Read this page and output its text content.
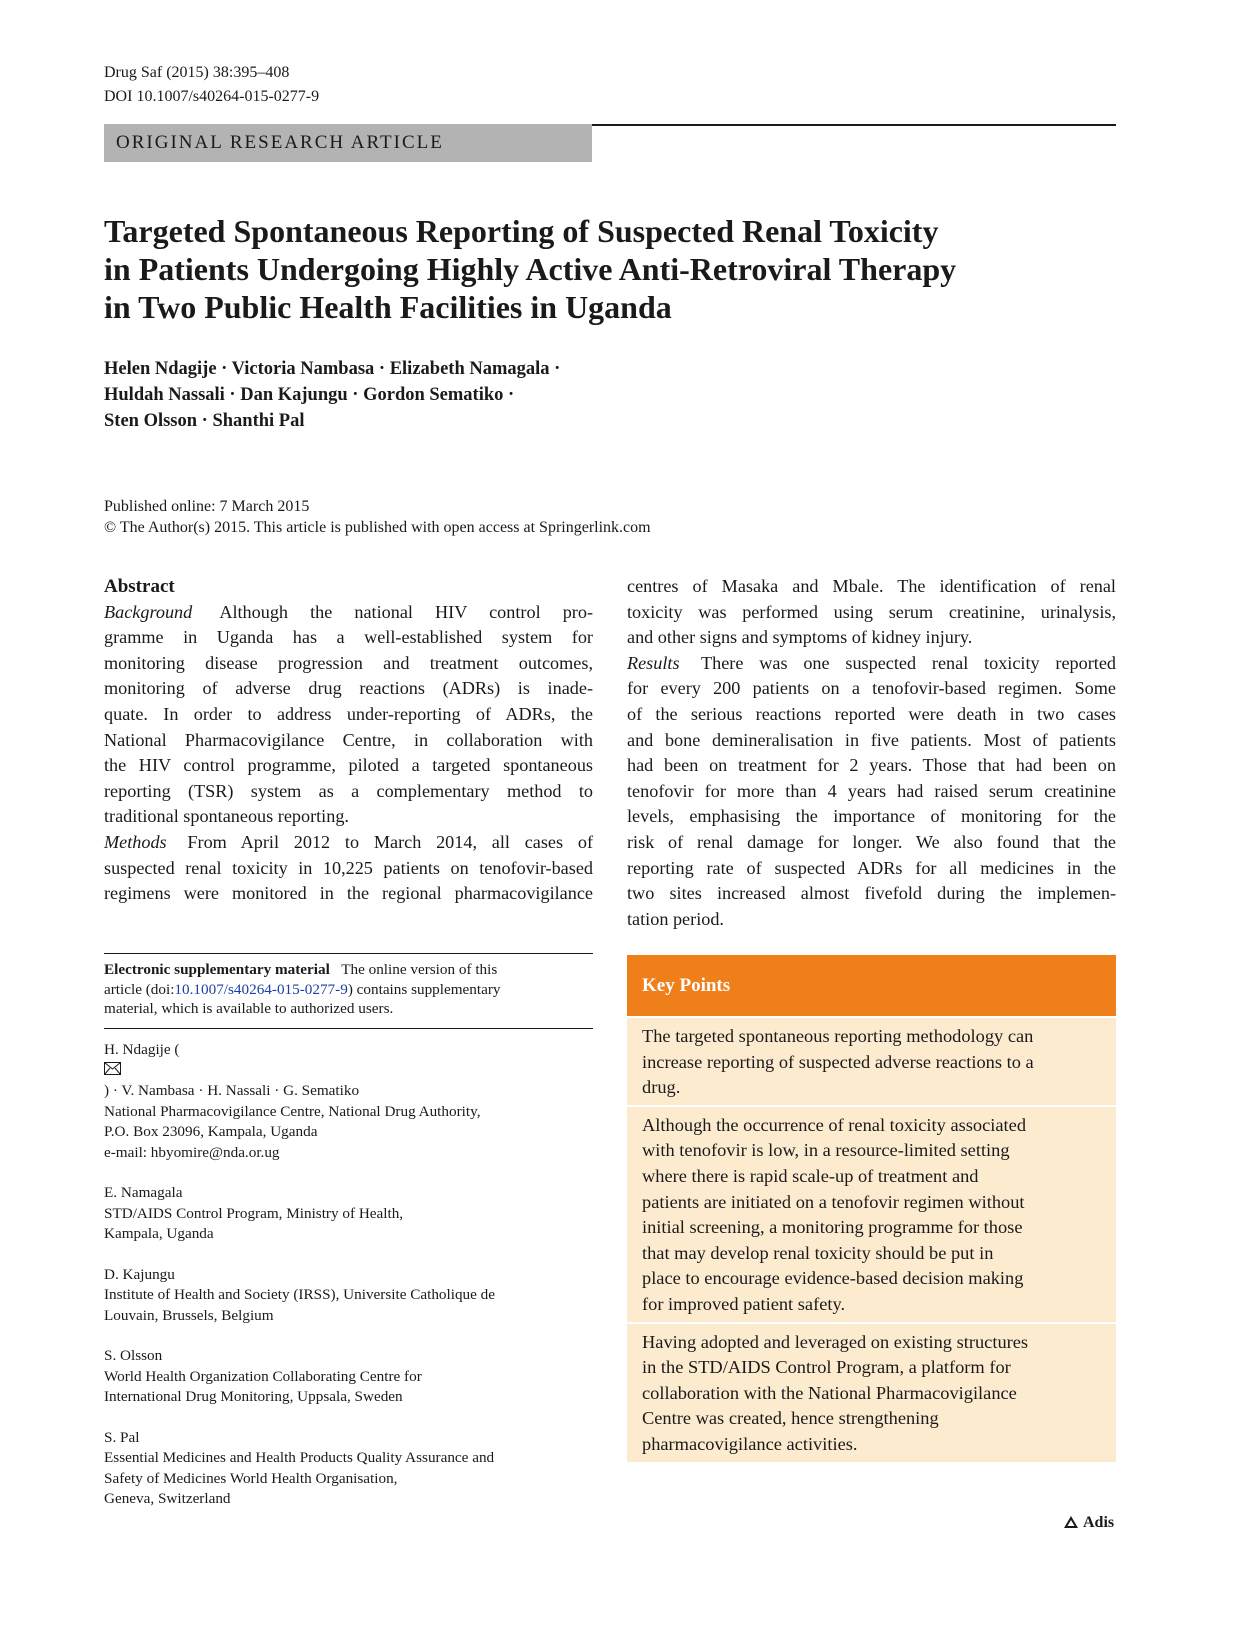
Drug Saf (2015) 38:395–408
DOI 10.1007/s40264-015-0277-9
ORIGINAL RESEARCH ARTICLE
Targeted Spontaneous Reporting of Suspected Renal Toxicity
in Patients Undergoing Highly Active Anti-Retroviral Therapy
in Two Public Health Facilities in Uganda
Helen Ndagije · Victoria Nambasa · Elizabeth Namagala ·
Huldah Nassali · Dan Kajungu · Gordon Sematiko ·
Sten Olsson · Shanthi Pal
Published online: 7 March 2015
© The Author(s) 2015. This article is published with open access at Springerlink.com
Abstract
Background Although the national HIV control pro-
gramme in Uganda has a well-established system for
monitoring disease progression and treatment outcomes,
monitoring of adverse drug reactions (ADRs) is inade-
quate. In order to address under-reporting of ADRs, the
National Pharmacovigilance Centre, in collaboration with
the HIV control programme, piloted a targeted spontaneous
reporting (TSR) system as a complementary method to
traditional spontaneous reporting.
Methods From April 2012 to March 2014, all cases of
suspected renal toxicity in 10,225 patients on tenofovir-based
regimens were monitored in the regional pharmacovigilance
centres of Masaka and Mbale. The identification of renal
toxicity was performed using serum creatinine, urinalysis,
and other signs and symptoms of kidney injury.
Results There was one suspected renal toxicity reported
for every 200 patients on a tenofovir-based regimen. Some
of the serious reactions reported were death in two cases
and bone demineralisation in five patients. Most of patients
had been on treatment for 2 years. Those that had been on
tenofovir for more than 4 years had raised serum creatinine
levels, emphasising the importance of monitoring for the
risk of renal damage for longer. We also found that the
reporting rate of suspected ADRs for all medicines in the
two sites increased almost fivefold during the implemen-
tation period.
Electronic supplementary material The online version of this
article (doi:10.1007/s40264-015-0277-9) contains supplementary
material, which is available to authorized users.
H. Ndagije (
) · V. Nambasa · H. Nassali · G. Sematiko
National Pharmacovigilance Centre, National Drug Authority,
P.O. Box 23096, Kampala, Uganda
e-mail: hbyomire@nda.or.ug
E. Namagala
STD/AIDS Control Program, Ministry of Health,
Kampala, Uganda
D. Kajungu
Institute of Health and Society (IRSS), Universite Catholique de
Louvain, Brussels, Belgium
S. Olsson
World Health Organization Collaborating Centre for
International Drug Monitoring, Uppsala, Sweden
S. Pal
Essential Medicines and Health Products Quality Assurance and
Safety of Medicines World Health Organisation,
Geneva, Switzerland
Key Points
The targeted spontaneous reporting methodology can
increase reporting of suspected adverse reactions to a
drug.
Although the occurrence of renal toxicity associated
with tenofovir is low, in a resource-limited setting
where there is rapid scale-up of treatment and
patients are initiated on a tenofovir regimen without
initial screening, a monitoring programme for those
that may develop renal toxicity should be put in
place to encourage evidence-based decision making
for improved patient safety.
Having adopted and leveraged on existing structures
in the STD/AIDS Control Program, a platform for
collaboration with the National Pharmacovigilance
Centre was created, hence strengthening
pharmacovigilance activities.
Adis
